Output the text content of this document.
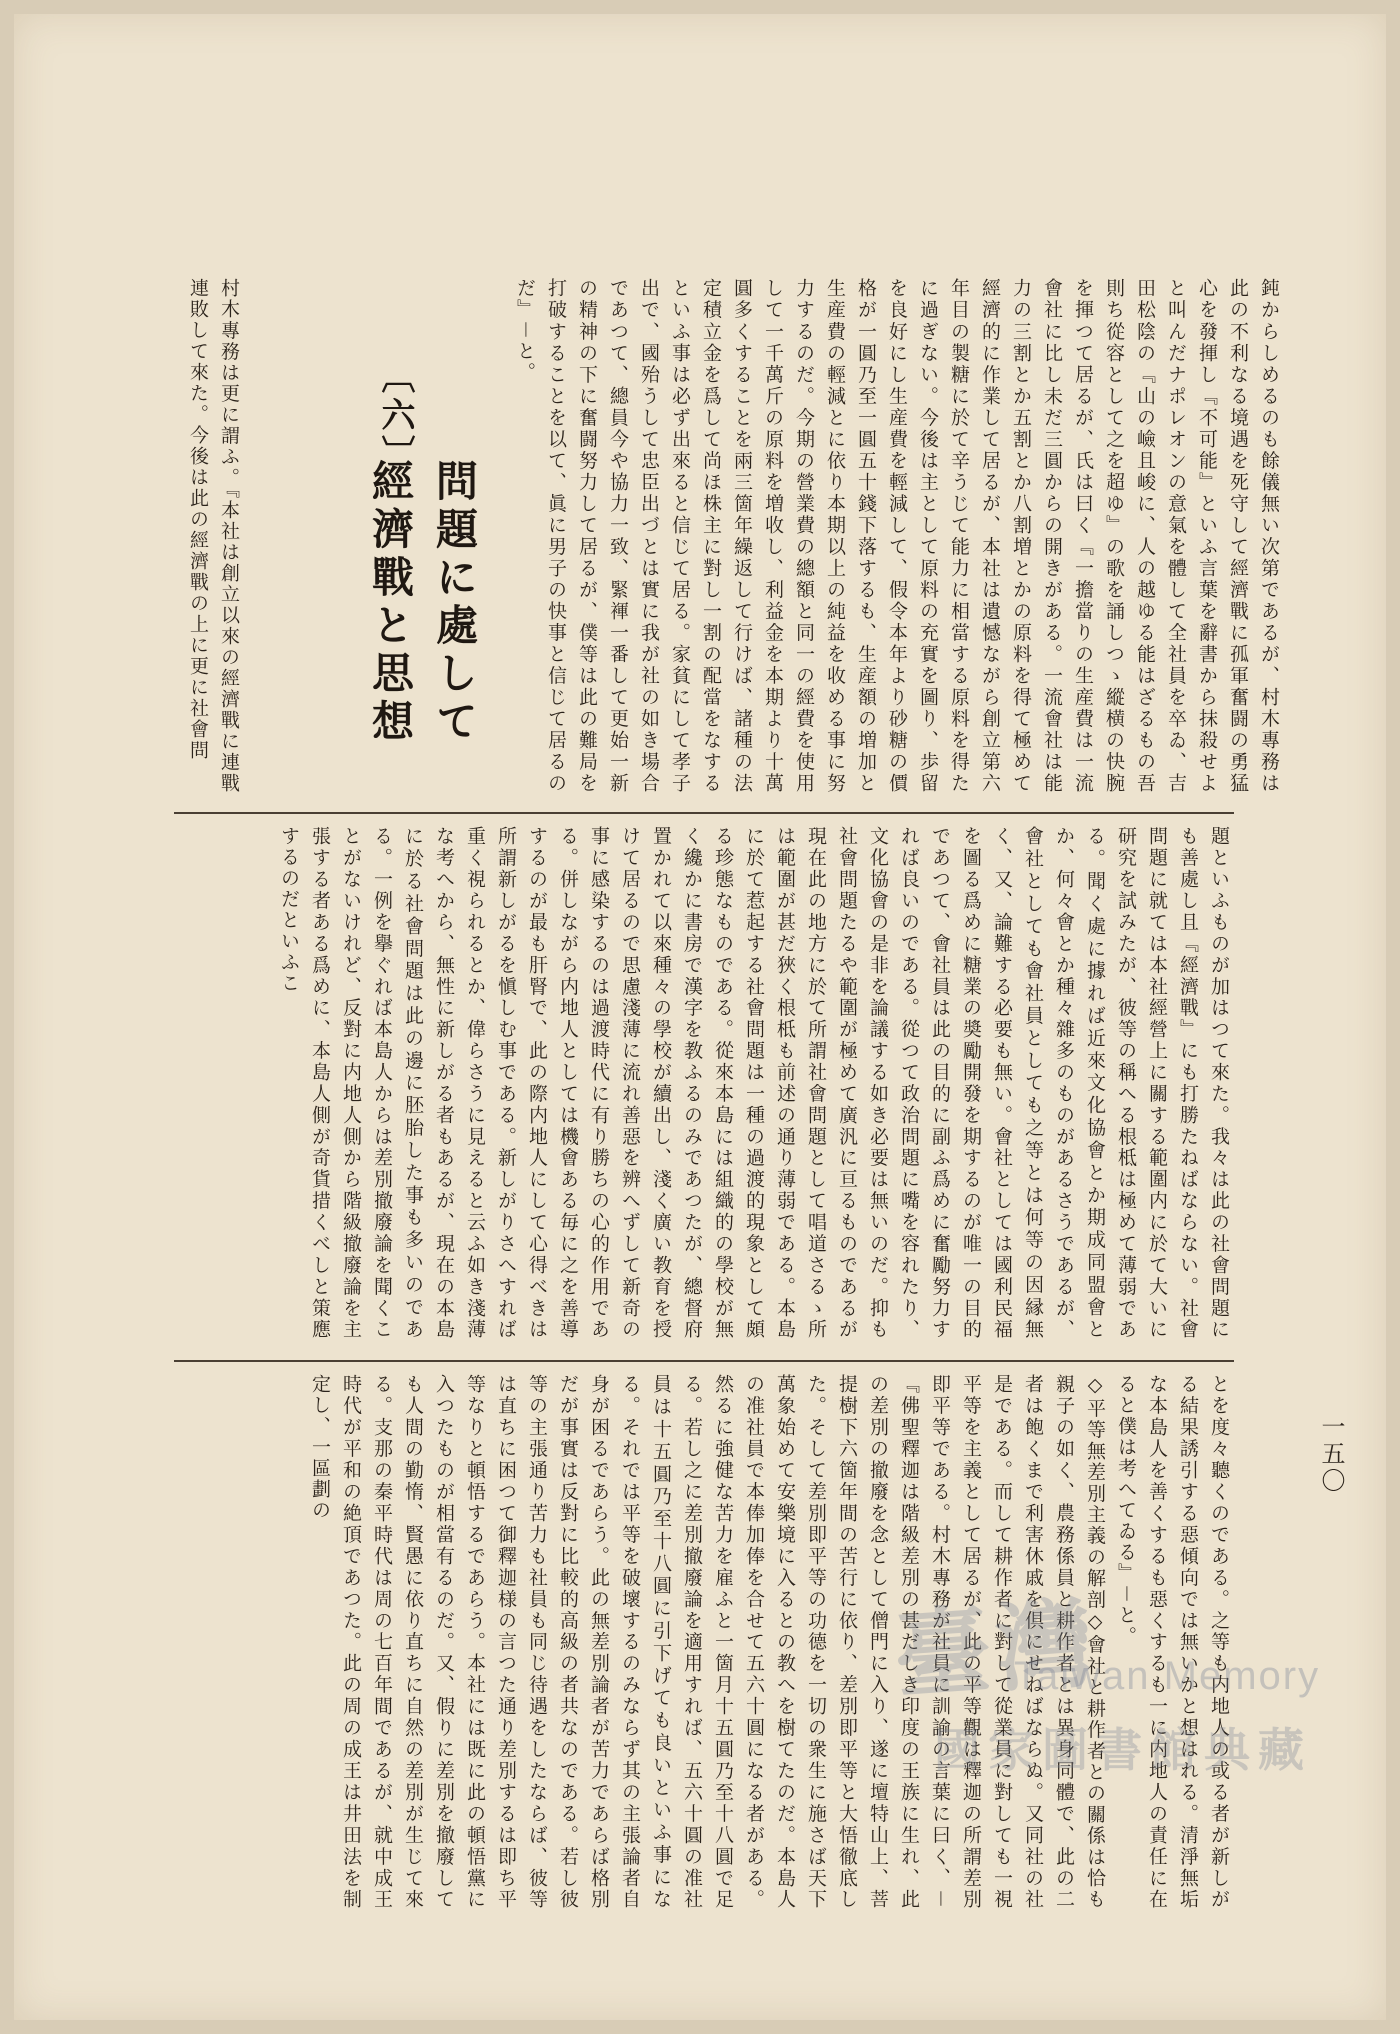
鈍からしめるのも餘儀無い次第であるが、村木專務は此の不利なる境遇を死守して經濟戰に孤軍奮闘の勇猛心を發揮し『不可能』といふ言葉を辭書から抹殺せよと叫んだナポレオンの意氣を體して全社員を卒ゐ、吉田松陰の『山の嶮且峻に、人の越ゆる能はざるもの吾則ち從容として之を超ゆ』の歌を誦しつゝ縱横の快腕を揮つて居るが、氏は曰く『一擔當りの生産費は一流會社に比し未だ三圓からの開きがある。一流會社は能力の三割とか五割とか八割増とかの原料を得て極めて經濟的に作業して居るが、本社は遺憾ながら創立第六年目の製糖に於て辛うじて能力に相當する原料を得たに過ぎない。今後は主として原料の充實を圖り、歩留を良好にし生産費を輕減して、假令本年より砂糖の價格が一圓乃至一圓五十錢下落するも、生産額の増加と生産費の輕減とに依り本期以上の純益を收める事に努力するのだ。今期の營業費の總額と同一の經費を使用して一千萬斤の原料を増收し、利益金を本期より十萬圓多くすることを兩三箇年繰返して行けば、諸種の法定積立金を爲して尚ほ株主に對し一割の配當をなするといふ事は必ず出來ると信じて居る。家貧にして孝子出で、國殆うして忠臣出づとは實に我が社の如き場合であつて、總員今や協力一致、緊褌一番して更始一新の精神の下に奮闘努力して居るが、僕等は此の難局を打破することを以て、眞に男子の快事と信じて居るのだ』－と。
〔六〕
經濟戰と思想 問題に處して
村木專務は更に謂ふ。『本社は創立以來の經濟戰に連戰連敗して來た。今後は此の經濟戰の上に更に社會問
題といふものが加はつて來た。我々は此の社會問題にも善處し且『經濟戰』にも打勝たねばならない。社會問題に就ては本社經營上に關する範圍内に於て大いに研究を試みたが、彼等の稱へる根柢は極めて薄弱である。聞く處に據れば近來文化協會とか期成同盟會とか、何々會とか種々雜多のものがあるさうであるが、會社としても會社員としても之等とは何等の因縁無く、又、論難する必要も無い。會社としては國利民福を圖る爲めに糖業の奬勵開發を期するのが唯一の目的であつて、會社員は此の目的に副ふ爲めに奮勵努力すれば良いのである。從つて政治問題に嘴を容れたり、文化協會の是非を論議する如き必要は無いのだ。抑も社會問題たるや範圍が極めて廣汎に亘るものであるが現在此の地方に於て所謂社會問題として唱道さるゝ所は範圍が甚だ狹く根柢も前述の通り薄弱である。本島に於て惹起する社會問題は一種の過渡的現象として頗る珍態なものである。從來本島には組織的の學校が無く纔かに書房で漢字を教ふるのみであつたが、總督府置かれて以來種々の學校が續出し、淺く廣い教育を授けて居るので思慮淺薄に流れ善惡を辨へずして新奇の事に感染するのは過渡時代に有り勝ちの心的作用である。併しながら内地人としては機會ある毎に之を善導するのが最も肝腎で、此の際内地人にして心得べきは所謂新しがるを愼しむ事である。新しがりさへすれば重く視られるとか、偉らさうに見えると云ふ如き淺薄な考へから、無性に新しがる者もあるが、現在の本島に於る社會問題は此の邊に胚胎した事も多いのである。一例を擧ぐれば本島人からは差別撤廢論を聞くことがないけれど、反對に内地人側から階級撤廢論を主張する者ある爲めに、本島人側が奇貨措くべしと策應するのだといふこ
とを度々聽くのである。之等も内地人の或る者が新しがる結果誘引する惡傾向では無いかと想はれる。清淨無垢な本島人を善くするも惡くするも一に内地人の責任に在ると僕は考へてゐる』－と。
◇平等無差別主義の解剖◇會社と耕作者との關係は恰も親子の如く、農務係員と耕作者とは異身同體で、此の二者は飽くまで利害休戚を倶にせねばならぬ。又同社の社是である。而して耕作者に對して從業員に對しても一視平等を主義として居るが、此の平等觀は釋迦の所謂差別即平等である。村木專務が社員に訓諭の言葉に曰く、－『佛聖釋迦は階級差別の甚だしき印度の王族に生れ、此の差別の撤廢を念として僧門に入り、遂に壇特山上、菩提樹下六箇年間の苦行に依り、差別即平等と大悟徹底した。そして差別即平等の功德を一切の衆生に施さば天下萬象始めて安樂境に入るとの教へを樹てたのだ。本島人の准社員で本俸加俸を合せて五六十圓になる者がある。然るに強健な苦力を雇ふと一箇月十五圓乃至十八圓で足る。若し之に差別撤廢論を適用すれば、五六十圓の准社員は十五圓乃至十八圓に引下げても良いといふ事になる。それでは平等を破壞するのみならず其の主張論者自身が困るであらう。此の無差別論者が苦力であらば格別だが事實は反對に比較的高級の者共なのである。若し彼等の主張通り苦力も社員も同じ待遇をしたならば、彼等は直ちに困つて御釋迦様の言つた通り差別するは即ち平等なりと頓悟するであらう。本社には既に此の頓悟黨に入つたものが相當有るのだ。又、假りに差別を撤廢しても人間の勤惰、賢愚に依り直ちに自然の差別が生じて來る。支那の秦平時代は周の七百年間であるが、就中成王時代が平和の絶頂であつた。此の周の成王は井田法を制定し、一區劃の	一五〇
臺灣
Taiwan Memory
國家圖書館典藏
